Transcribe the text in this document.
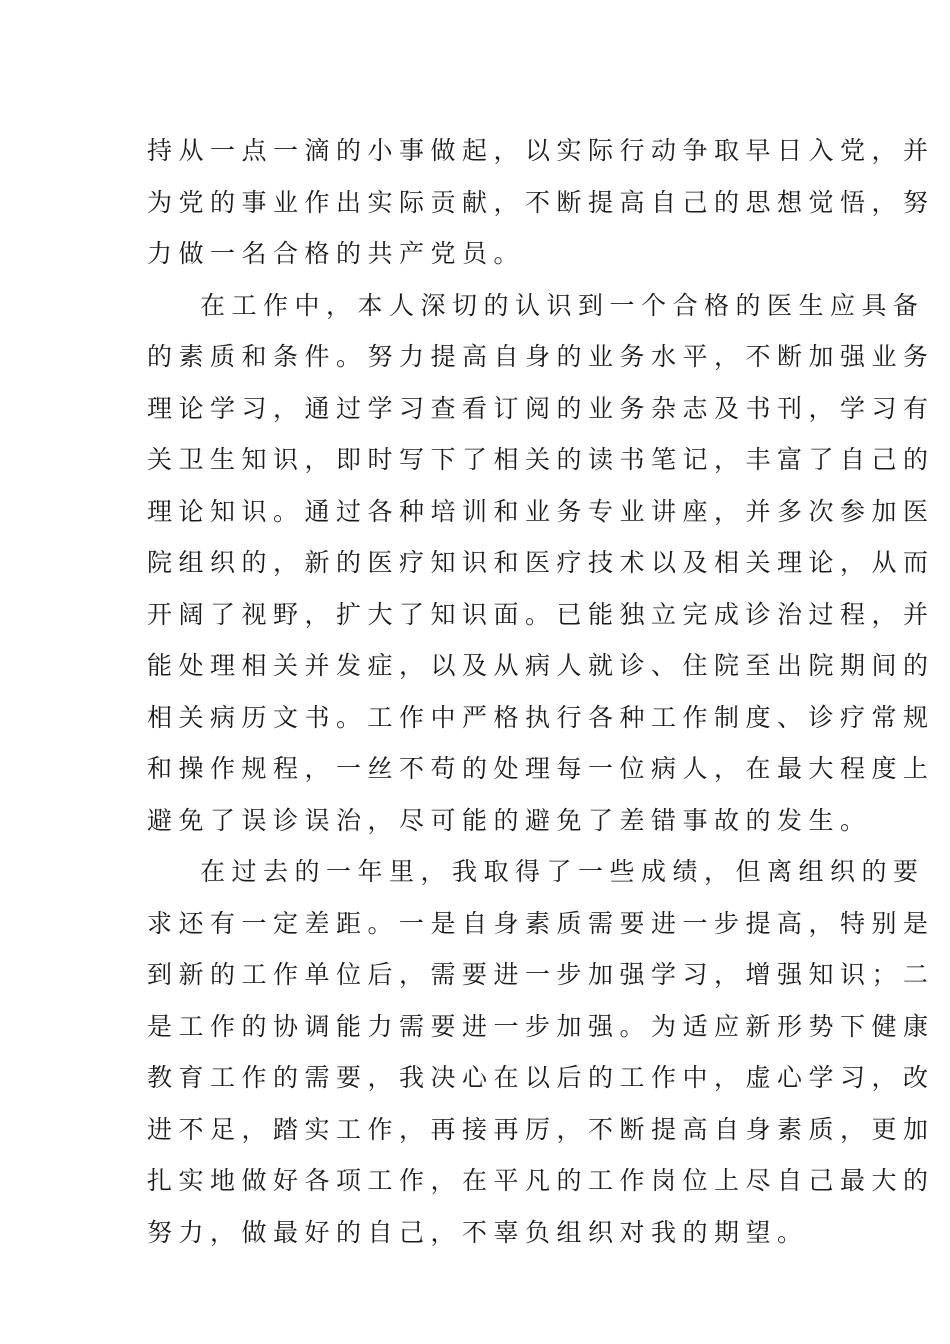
持从一点一滴的小事做起，以实际行动争取早日入党，并
为党的事业作出实际贡献，不断提高自己的思想觉悟，努
力做一名合格的共产党员。
在工作中，本人深切的认识到一个合格的医生应具备
的素质和条件。努力提高自身的业务水平，不断加强业务
理论学习，通过学习查看订阅的业务杂志及书刊，学习有
关卫生知识，即时写下了相关的读书笔记，丰富了自己的
理论知识。通过各种培训和业务专业讲座，并多次参加医
院组织的，新的医疗知识和医疗技术以及相关理论，从而
开阔了视野，扩大了知识面。已能独立完成诊治过程，并
能处理相关并发症，以及从病人就诊、住院至出院期间的
相关病历文书。工作中严格执行各种工作制度、诊疗常规
和操作规程，一丝不苟的处理每一位病人，在最大程度上
避免了误诊误治，尽可能的避免了差错事故的发生。
在过去的一年里，我取得了一些成绩，但离组织的要
求还有一定差距。一是自身素质需要进一步提高，特别是
到新的工作单位后，需要进一步加强学习，增强知识；二
是工作的协调能力需要进一步加强。为适应新形势下健康
教育工作的需要，我决心在以后的工作中，虚心学习，改
进不足，踏实工作，再接再厉，不断提高自身素质，更加
扎实地做好各项工作，在平凡的工作岗位上尽自己最大的
努力，做最好的自己，不辜负组织对我的期望。
